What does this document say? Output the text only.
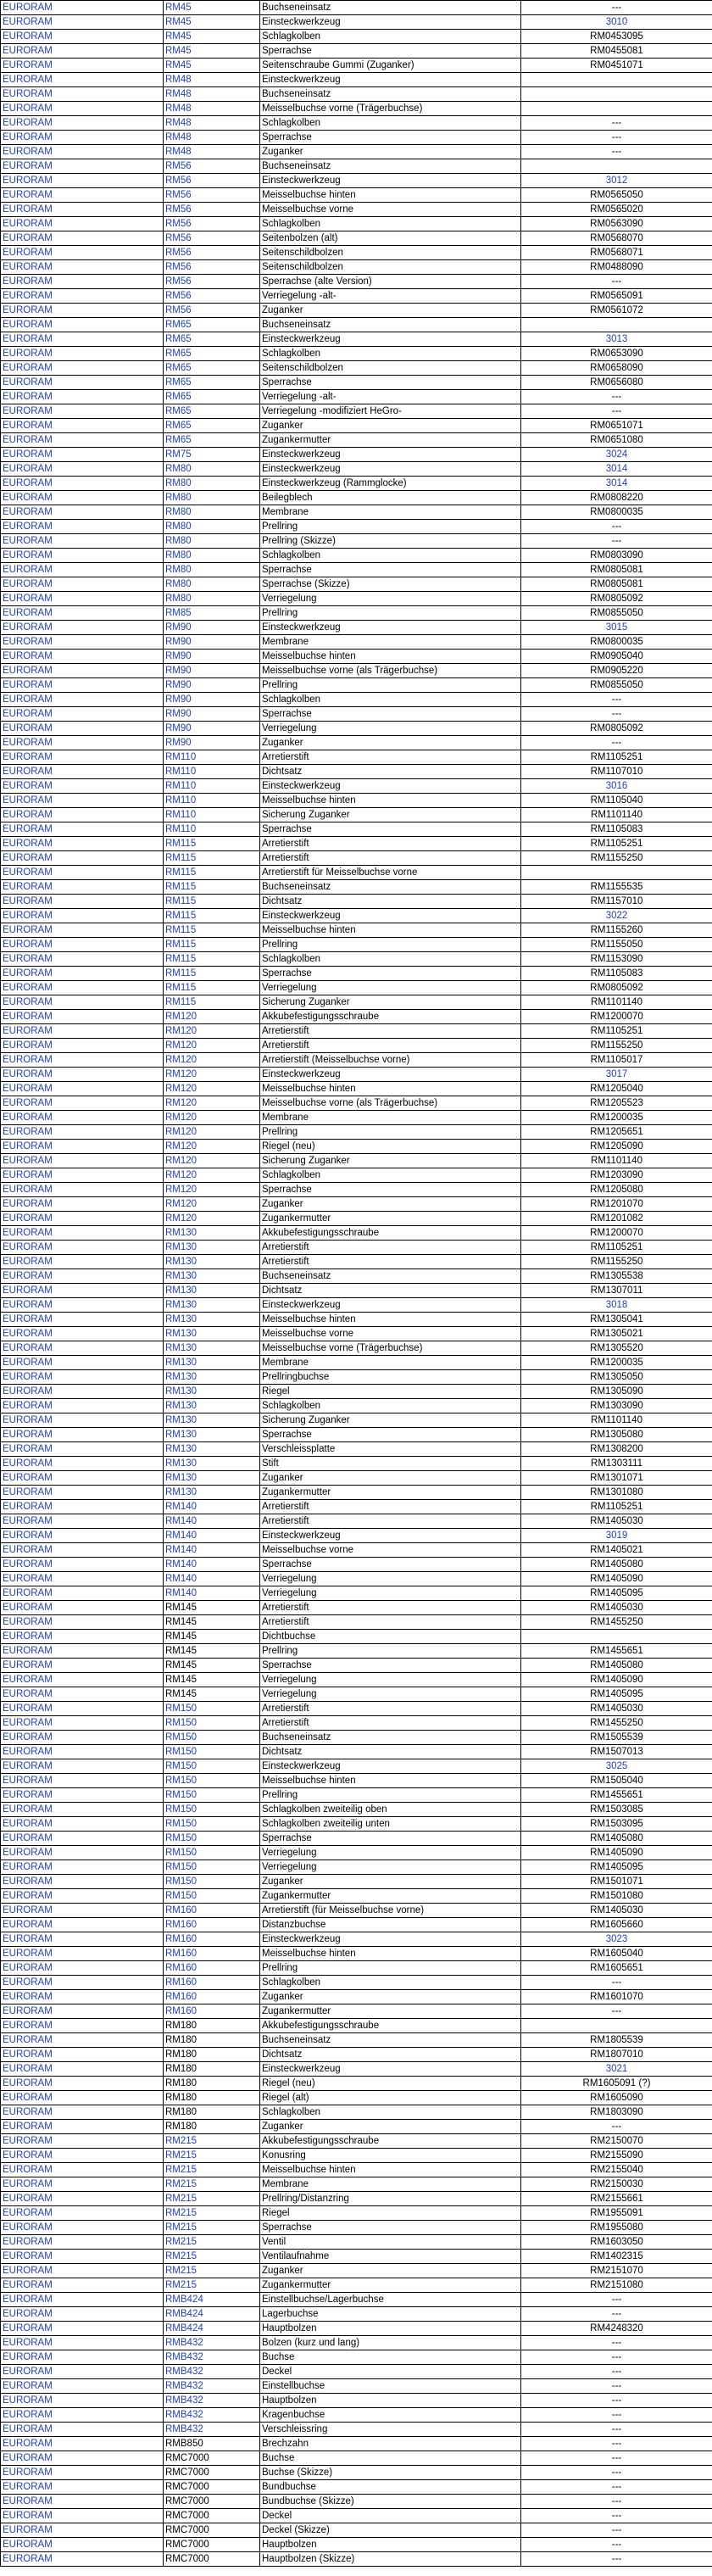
EURORAM	RM45	Buchseneinsatz	---
EURORAM	RM45	Einsteckwerkzeug	3010
EURORAM	RM45	Schlagkolben	RM0453095
EURORAM	RM45	Sperrachse	RM0455081
EURORAM	RM45	Seitenschraube Gummi (Zuganker)	RM0451071
EURORAM	RM48	Einsteckwerkzeug	
EURORAM	RM48	Buchseneinsatz	
EURORAM	RM48	Meisselbuchse vorne (Trägerbuchse)	
EURORAM	RM48	Schlagkolben	---
EURORAM	RM48	Sperrachse	---
EURORAM	RM48	Zuganker	---
EURORAM	RM56	Buchseneinsatz	
EURORAM	RM56	Einsteckwerkzeug	3012
EURORAM	RM56	Meisselbuchse hinten	RM0565050
EURORAM	RM56	Meisselbuchse vorne	RM0565020
EURORAM	RM56	Schlagkolben	RM0563090
EURORAM	RM56	Seitenbolzen (alt)	RM0568070
EURORAM	RM56	Seitenschildbolzen	RM0568071
EURORAM	RM56	Seitenschildbolzen	RM0488090
EURORAM	RM56	Sperrachse (alte Version)	---
EURORAM	RM56	Verriegelung -alt-	RM0565091
EURORAM	RM56	Zuganker	RM0561072
EURORAM	RM65	Buchseneinsatz	
EURORAM	RM65	Einsteckwerkzeug	3013
EURORAM	RM65	Schlagkolben	RM0653090
EURORAM	RM65	Seitenschildbolzen	RM0658090
EURORAM	RM65	Sperrachse	RM0656080
EURORAM	RM65	Verriegelung -alt-	---
EURORAM	RM65	Verriegelung -modifiziert HeGro-	---
EURORAM	RM65	Zuganker	RM0651071
EURORAM	RM65	Zugankermutter	RM0651080
EURORAM	RM75	Einsteckwerkzeug	3024
EURORAM	RM80	Einsteckwerkzeug	3014
EURORAM	RM80	Einsteckwerkzeug (Rammglocke)	3014
EURORAM	RM80	Beilegblech	RM0808220
EURORAM	RM80	Membrane	RM0800035
EURORAM	RM80	Prellring	---
EURORAM	RM80	Prellring (Skizze)	---
EURORAM	RM80	Schlagkolben	RM0803090
EURORAM	RM80	Sperrachse	RM0805081
EURORAM	RM80	Sperrachse (Skizze)	RM0805081
EURORAM	RM80	Verriegelung	RM0805092
EURORAM	RM85	Prellring	RM0855050
EURORAM	RM90	Einsteckwerkzeug	3015
EURORAM	RM90	Membrane	RM0800035
EURORAM	RM90	Meisselbuchse hinten	RM0905040
EURORAM	RM90	Meisselbuchse vorne (als Trägerbuchse)	RM0905220
EURORAM	RM90	Prellring	RM0855050
EURORAM	RM90	Schlagkolben	---
EURORAM	RM90	Sperrachse	---
EURORAM	RM90	Verriegelung	RM0805092
EURORAM	RM90	Zuganker	---
EURORAM	RM110	Arretierstift	RM1105251
EURORAM	RM110	Dichtsatz	RM1107010
EURORAM	RM110	Einsteckwerkzeug	3016
EURORAM	RM110	Meisselbuchse hinten	RM1105040
EURORAM	RM110	Sicherung Zuganker	RM1101140
EURORAM	RM110	Sperrachse	RM1105083
EURORAM	RM115	Arretierstift	RM1105251
EURORAM	RM115	Arretierstift	RM1155250
EURORAM	RM115	Arretierstift für Meisselbuchse vorne	
EURORAM	RM115	Buchseneinsatz	RM1155535
EURORAM	RM115	Dichtsatz	RM1157010
EURORAM	RM115	Einsteckwerkzeug	3022
EURORAM	RM115	Meisselbuchse hinten	RM1155260
EURORAM	RM115	Prellring	RM1155050
EURORAM	RM115	Schlagkolben	RM1153090
EURORAM	RM115	Sperrachse	RM1105083
EURORAM	RM115	Verriegelung	RM0805092
EURORAM	RM115	Sicherung Zuganker	RM1101140
EURORAM	RM120	Akkubefestigungsschraube	RM1200070
EURORAM	RM120	Arretierstift	RM1105251
EURORAM	RM120	Arretierstift	RM1155250
EURORAM	RM120	Arretierstift (Meisselbuchse vorne)	RM1105017
EURORAM	RM120	Einsteckwerkzeug	3017
EURORAM	RM120	Meisselbuchse hinten	RM1205040
EURORAM	RM120	Meisselbuchse vorne (als Trägerbuchse)	RM1205523
EURORAM	RM120	Membrane	RM1200035
EURORAM	RM120	Prellring	RM1205651
EURORAM	RM120	Riegel (neu)	RM1205090
EURORAM	RM120	Sicherung Zuganker	RM1101140
EURORAM	RM120	Schlagkolben	RM1203090
EURORAM	RM120	Sperrachse	RM1205080
EURORAM	RM120	Zuganker	RM1201070
EURORAM	RM120	Zugankermutter	RM1201082
EURORAM	RM130	Akkubefestigungsschraube	RM1200070
EURORAM	RM130	Arretierstift	RM1105251
EURORAM	RM130	Arretierstift	RM1155250
EURORAM	RM130	Buchseneinsatz	RM1305538
EURORAM	RM130	Dichtsatz	RM1307011
EURORAM	RM130	Einsteckwerkzeug	3018
EURORAM	RM130	Meisselbuchse hinten	RM1305041
EURORAM	RM130	Meisselbuchse vorne	RM1305021
EURORAM	RM130	Meisselbuchse vorne (Trägerbuchse)	RM1305520
EURORAM	RM130	Membrane	RM1200035
EURORAM	RM130	Prellringbuchse	RM1305050
EURORAM	RM130	Riegel	RM1305090
EURORAM	RM130	Schlagkolben	RM1303090
EURORAM	RM130	Sicherung Zuganker	RM1101140
EURORAM	RM130	Sperrachse	RM1305080
EURORAM	RM130	Verschleissplatte	RM1308200
EURORAM	RM130	Stift	RM1303111
EURORAM	RM130	Zuganker	RM1301071
EURORAM	RM130	Zugankermutter	RM1301080
EURORAM	RM140	Arretierstift	RM1105251
EURORAM	RM140	Arretierstift	RM1405030
EURORAM	RM140	Einsteckwerkzeug	3019
EURORAM	RM140	Meisselbuchse vorne	RM1405021
EURORAM	RM140	Sperrachse	RM1405080
EURORAM	RM140	Verriegelung	RM1405090
EURORAM	RM140	Verriegelung	RM1405095
EURORAM	RM145	Arretierstift	RM1405030
EURORAM	RM145	Arretierstift	RM1455250
EURORAM	RM145	Dichtbuchse	
EURORAM	RM145	Prellring	RM1455651
EURORAM	RM145	Sperrachse	RM1405080
EURORAM	RM145	Verriegelung	RM1405090
EURORAM	RM145	Verriegelung	RM1405095
EURORAM	RM150	Arretierstift	RM1405030
EURORAM	RM150	Arretierstift	RM1455250
EURORAM	RM150	Buchseneinsatz	RM1505539
EURORAM	RM150	Dichtsatz	RM1507013
EURORAM	RM150	Einsteckwerkzeug	3025
EURORAM	RM150	Meisselbuchse hinten	RM1505040
EURORAM	RM150	Prellring	RM1455651
EURORAM	RM150	Schlagkolben zweiteilig oben	RM1503085
EURORAM	RM150	Schlagkolben zweiteilig unten	RM1503095
EURORAM	RM150	Sperrachse	RM1405080
EURORAM	RM150	Verriegelung	RM1405090
EURORAM	RM150	Verriegelung	RM1405095
EURORAM	RM150	Zuganker	RM1501071
EURORAM	RM150	Zugankermutter	RM1501080
EURORAM	RM160	Arretierstift (für Meisselbuchse vorne)	RM1405030
EURORAM	RM160	Distanzbuchse	RM1605660
EURORAM	RM160	Einsteckwerkzeug	3023
EURORAM	RM160	Meisselbuchse hinten	RM1605040
EURORAM	RM160	Prellring	RM1605651
EURORAM	RM160	Schlagkolben	---
EURORAM	RM160	Zuganker	RM1601070
EURORAM	RM160	Zugankermutter	---
EURORAM	RM180	Akkubefestigungsschraube	
EURORAM	RM180	Buchseneinsatz	RM1805539
EURORAM	RM180	Dichtsatz	RM1807010
EURORAM	RM180	Einsteckwerkzeug	3021
EURORAM	RM180	Riegel (neu)	RM1605091 (?)
EURORAM	RM180	Riegel (alt)	RM1605090
EURORAM	RM180	Schlagkolben	RM1803090
EURORAM	RM180	Zuganker	---
EURORAM	RM215	Akkubefestigungsschraube	RM2150070
EURORAM	RM215	Konusring	RM2155090
EURORAM	RM215	Meisselbuchse hinten	RM2155040
EURORAM	RM215	Membrane	RM2150030
EURORAM	RM215	Prellring/Distanzring	RM2155661
EURORAM	RM215	Riegel	RM1955091
EURORAM	RM215	Sperrachse	RM1955080
EURORAM	RM215	Ventil	RM1603050
EURORAM	RM215	Ventilaufnahme	RM1402315
EURORAM	RM215	Zuganker	RM2151070
EURORAM	RM215	Zugankermutter	RM2151080
EURORAM	RMB424	Einstellbuchse/Lagerbuchse	---
EURORAM	RMB424	Lagerbuchse	---
EURORAM	RMB424	Hauptbolzen	RM4248320
EURORAM	RMB432	Bolzen (kurz und lang)	---
EURORAM	RMB432	Buchse	---
EURORAM	RMB432	Deckel	---
EURORAM	RMB432	Einstellbuchse	---
EURORAM	RMB432	Hauptbolzen	---
EURORAM	RMB432	Kragenbuchse	---
EURORAM	RMB432	Verschleissring	---
EURORAM	RMB850	Brechzahn	---
EURORAM	RMC7000	Buchse	---
EURORAM	RMC7000	Buchse (Skizze)	---
EURORAM	RMC7000	Bundbuchse	---
EURORAM	RMC7000	Bundbuchse (Skizze)	---
EURORAM	RMC7000	Deckel	---
EURORAM	RMC7000	Deckel (Skizze)	---
EURORAM	RMC7000	Hauptbolzen	---
EURORAM	RMC7000	Hauptbolzen (Skizze)	---
